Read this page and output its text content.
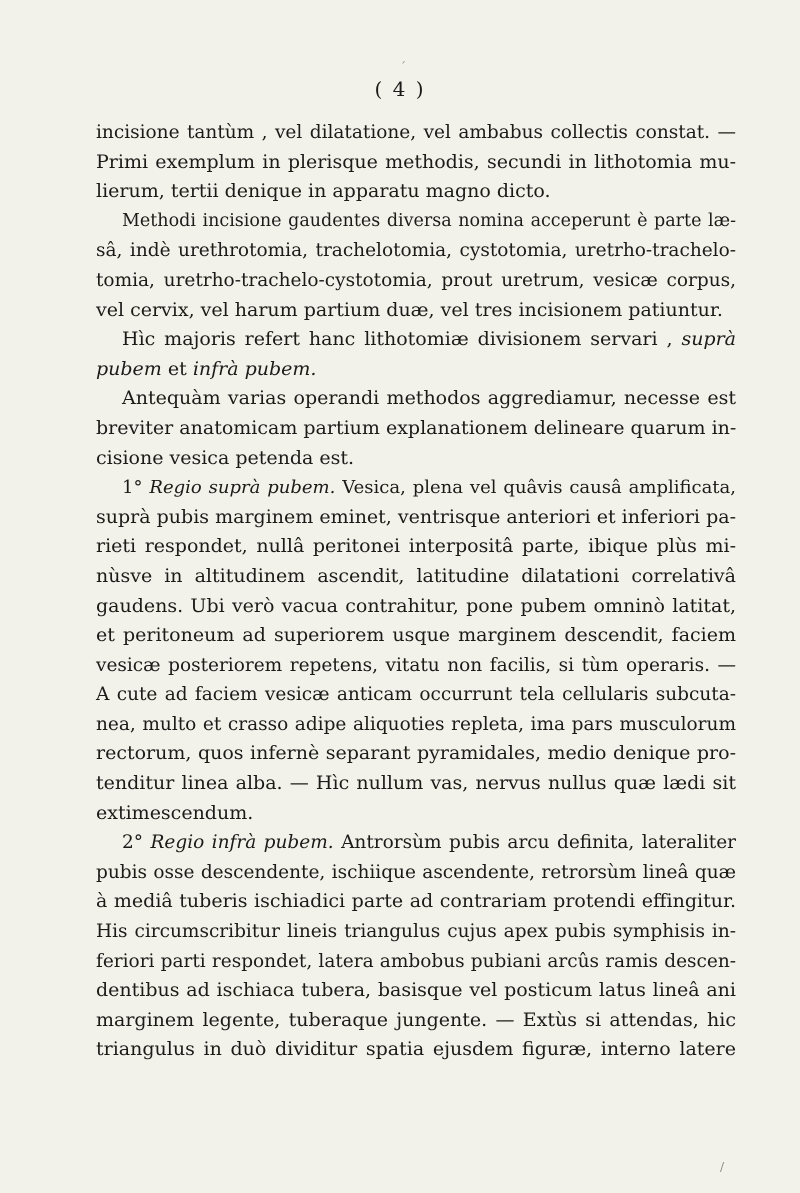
( 4 )
incisione tantùm , vel dilatatione, vel ambabus collectis constat. —
Primi exemplum in plerisque methodis, secundi in lithotomia mu-
lierum, tertii denique in apparatu magno dicto.
Methodi incisione gaudentes diversa nomina acceperunt è parte læ-
sâ, indè urethrotomia, trachelotomia, cystotomia, uretrho-trachelo-
tomia, uretrho-trachelo-cystotomia, prout uretrum, vesicæ corpus,
vel cervix, vel harum partium duæ, vel tres incisionem patiuntur.
Hìc majoris refert hanc lithotomiæ divisionem servari , suprà
pubem et infrà pubem.
Antequàm varias operandi methodos aggrediamur, necesse est
breviter anatomicam partium explanationem delineare quarum in-
cisione vesica petenda est.
1° Regio suprà pubem. Vesica, plena vel quâvis causâ amplificata,
suprà pubis marginem eminet, ventrisque anteriori et inferiori pa-
rieti respondet, nullâ peritonei interpositâ parte, ibique plùs mi-
nùsve in altitudinem ascendit, latitudine dilatationi correlativâ
gaudens. Ubi verò vacua contrahitur, pone pubem omninò latitat,
et peritoneum ad superiorem usque marginem descendit, faciem
vesicæ posteriorem repetens, vitatu non facilis, si tùm operaris. —
A cute ad faciem vesicæ anticam occurrunt tela cellularis subcuta-
nea, multo et crasso adipe aliquoties repleta, ima pars musculorum
rectorum, quos infernè separant pyramidales, medio denique pro-
tenditur linea alba. — Hìc nullum vas, nervus nullus quæ lædi sit
extimescendum.
2° Regio infrà pubem. Antrorsùm pubis arcu definita, lateraliter
pubis osse descendente, ischiique ascendente, retrorsùm lineâ quæ
à mediâ tuberis ischiadici parte ad contrariam protendi effingitur.
His circumscribitur lineis triangulus cujus apex pubis symphisis in-
feriori parti respondet, latera ambobus pubiani arcûs ramis descen-
dentibus ad ischiaca tubera, basisque vel posticum latus lineâ ani
marginem legente, tuberaque jungente. — Extùs si attendas, hic
triangulus in duò dividitur spatia ejusdem figuræ, interno latere
ˊ
/
